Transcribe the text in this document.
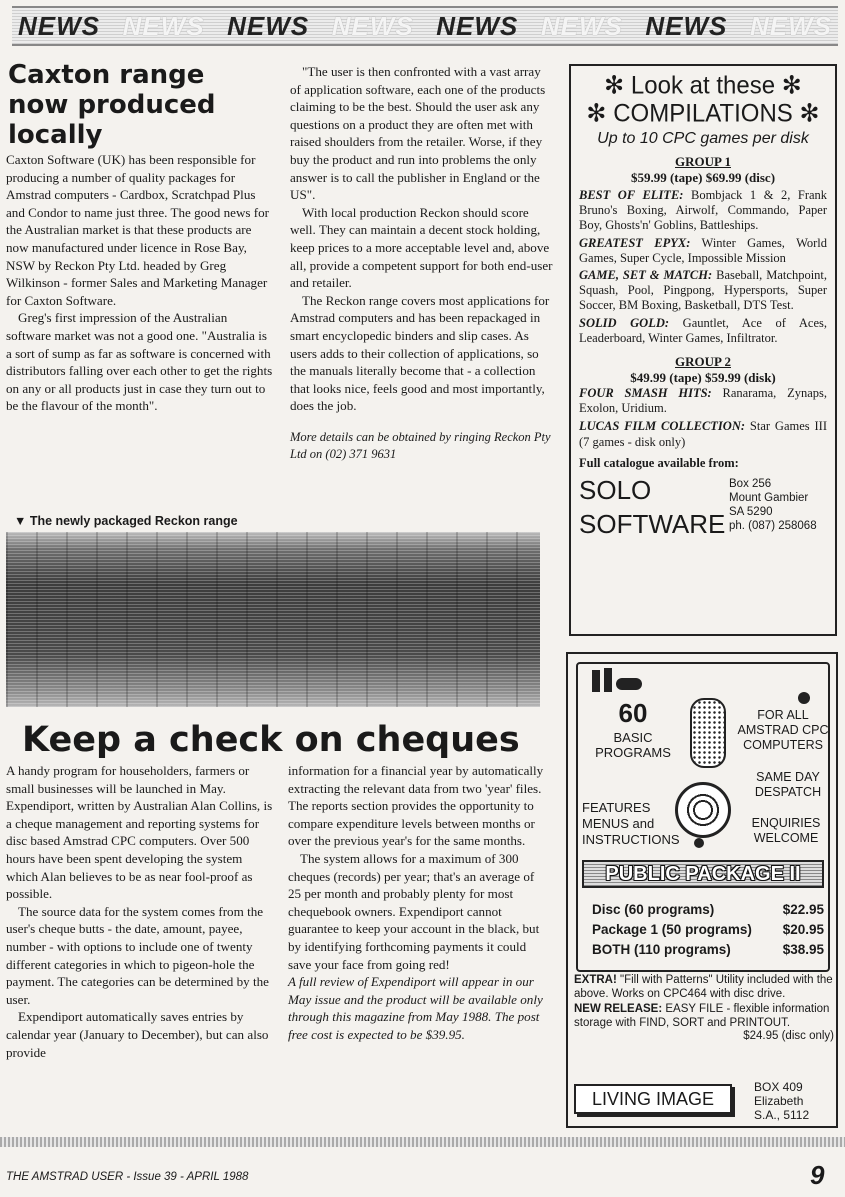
NEWS NEWS NEWS NEWS NEWS NEWS NEWS NEWS
Caxton range now produced locally

Caxton Software (UK) has been responsible for producing a number of quality packages for Amstrad computers - Cardbox, Scratchpad Plus and Condor to name just three. The good news for the Australian market is that these products are now manufactured under licence in Rose Bay, NSW by Reckon Pty Ltd. headed by Greg Wilkinson - former Sales and Marketing Manager for Caxton Software.

Greg's first impression of the Australian software market was not a good one. "Australia is a sort of sump as far as software is concerned with distributors falling over each other to get the rights on any or all products just in case they turn out to be the flavour of the month".

"The user is then confronted with a vast array of application software, each one of the products claiming to be the best. Should the user ask any questions on a product they are often met with raised shoulders from the retailer. Worse, if they buy the product and run into problems the only answer is to call the publisher in England or the US".

With local production Reckon should score well. They can maintain a decent stock holding, keep prices to a more acceptable level and, above all, provide a competent support for both end-user and retailer.

The Reckon range covers most applications for Amstrad computers and has been repackaged in smart encyclopedic binders and slip cases. As users adds to their collection of applications, so the manuals literally become that - a collection that looks nice, feels good and most importantly, does the job.

More details can be obtained by ringing Reckon Pty Ltd on (02) 371 9631

▼ The newly packaged Reckon range
Keep a check on cheques

A handy program for householders, farmers or small businesses will be launched in May. Expendiport, written by Australian Alan Collins, is a cheque management and reporting systems for disc based Amstrad CPC computers. Over 500 hours have been spent developing the system which Alan believes to be as near fool-proof as possible.

The source data for the system comes from the user's cheque butts - the date, amount, payee, number - with options to include one of twenty different categories in which to pigeon-hole the payment. The categories can be determined by the user.

Expendiport automatically saves entries by calendar year (January to December), but can also provide

information for a financial year by automatically extracting the relevant data from two 'year' files. The reports section provides the opportunity to compare expenditure levels between months or over the previous year's for the same months.

The system allows for a maximum of 300 cheques (records) per year; that's an average of 25 per month and probably plenty for most chequebook owners. Expendiport cannot guarantee to keep your account in the black, but by identifying forthcoming payments it could save your face from going red!

A full review of Expendiport will appear in our May issue and the product will be available only through this magazine from May 1988. The post free cost is expected to be $39.95.

✻ Look at these ✻
✻ COMPILATIONS ✻
Up to 10 CPC games per disk
GROUP 1
$59.99 (tape) $69.99 (disc)
BEST OF ELITE: Bombjack 1 & 2, Frank Bruno's Boxing, Airwolf, Commando, Paper Boy, Ghosts'n' Goblins, Battleships.
GREATEST EPYX: Winter Games, World Games, Super Cycle, Impossible Mission
GAME, SET & MATCH: Baseball, Matchpoint, Squash, Pool, Pingpong, Hypersports, Super Soccer, BM Boxing, Basketball, DTS Test.
SOLID GOLD: Gauntlet, Ace of Aces, Leaderboard, Winter Games, Infiltrator.
GROUP 2
$49.99 (tape) $59.99 (disk)
FOUR SMASH HITS: Ranarama, Zynaps, Exolon, Uridium.
LUCAS FILM COLLECTION: Star Games III (7 games - disk only)
Full catalogue available from:
SOLO
SOFTWARE
Box 256
Mount Gambier
SA 5290
ph. (087) 258068
60
BASIC
PROGRAMS
FOR ALL
AMSTRAD CPC
COMPUTERS
SAME DAY
DESPATCH
FEATURES
MENUS and
INSTRUCTIONS
ENQUIRIES
WELCOME
PUBLIC PACKAGE II
Disc (60 programs)	$22.95
Package 1 (50 programs) $20.95
BOTH (110 programs)	$38.95
EXTRA! "Fill with Patterns" Utility included with the above. Works on CPC464 with disc drive.
NEW RELEASE: EASY FILE - flexible information storage with FIND, SORT and PRINTOUT.
$24.95 (disc only)
LIVING IMAGE
BOX 409
Elizabeth
S.A., 5112
THE AMSTRAD USER - Issue 39 - APRIL 1988	9
